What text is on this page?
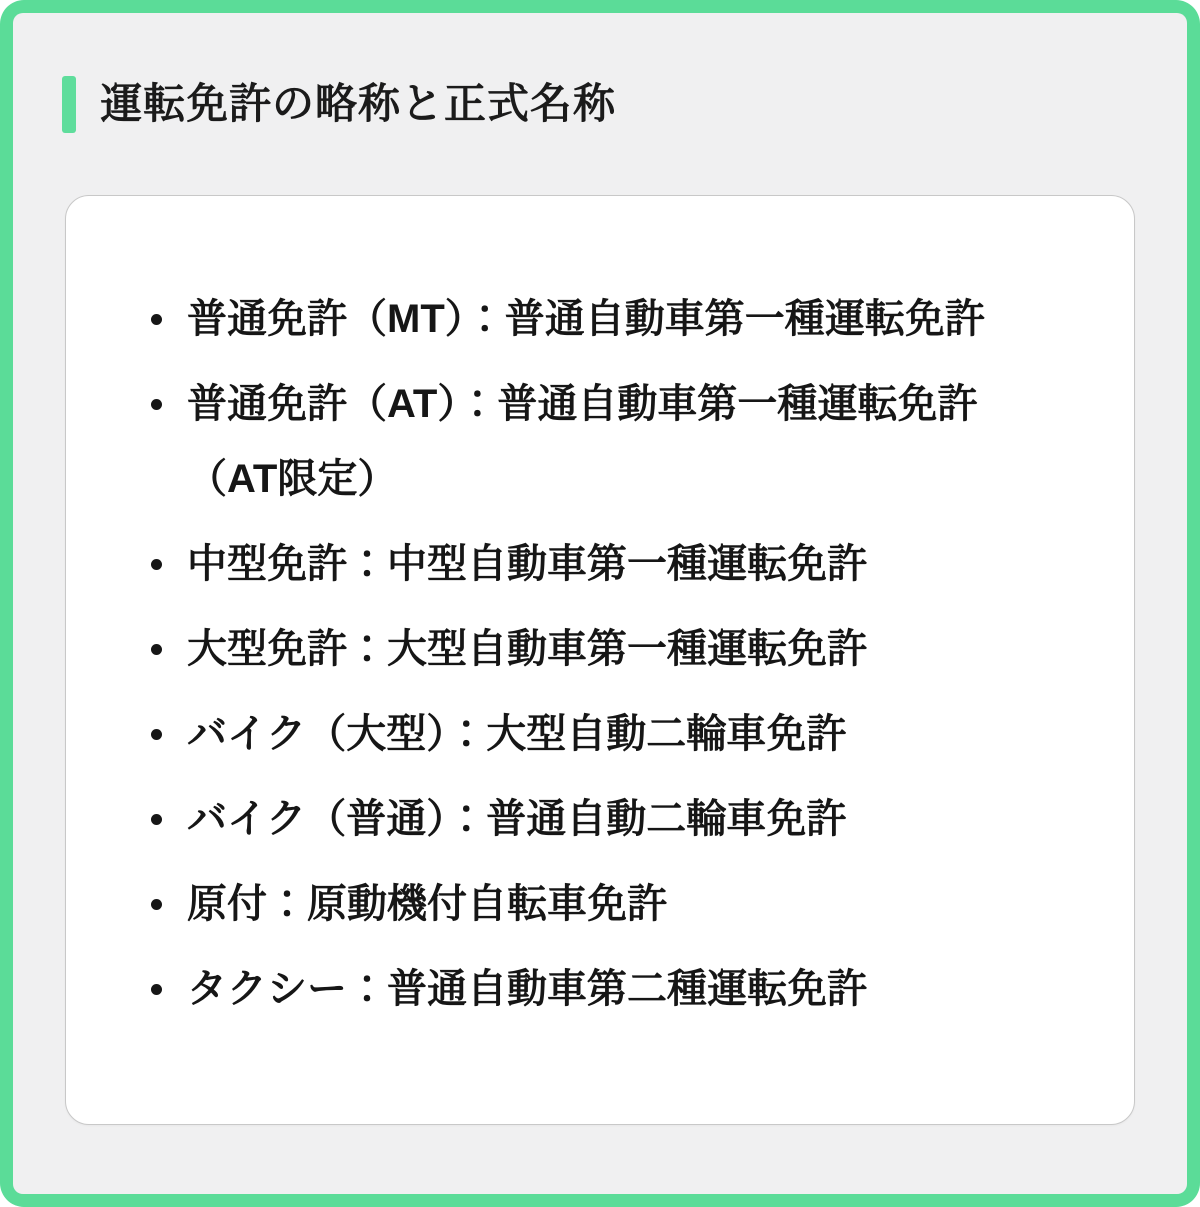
運転免許の略称と正式名称
普通免許（MT）：普通自動車第一種運転免許
普通免許（AT）：普通自動車第一種運転免許
（AT限定）
中型免許：中型自動車第一種運転免許
大型免許：大型自動車第一種運転免許
バイク（大型）：大型自動二輪車免許
バイク（普通）：普通自動二輪車免許
原付：原動機付自転車免許
タクシー：普通自動車第二種運転免許
